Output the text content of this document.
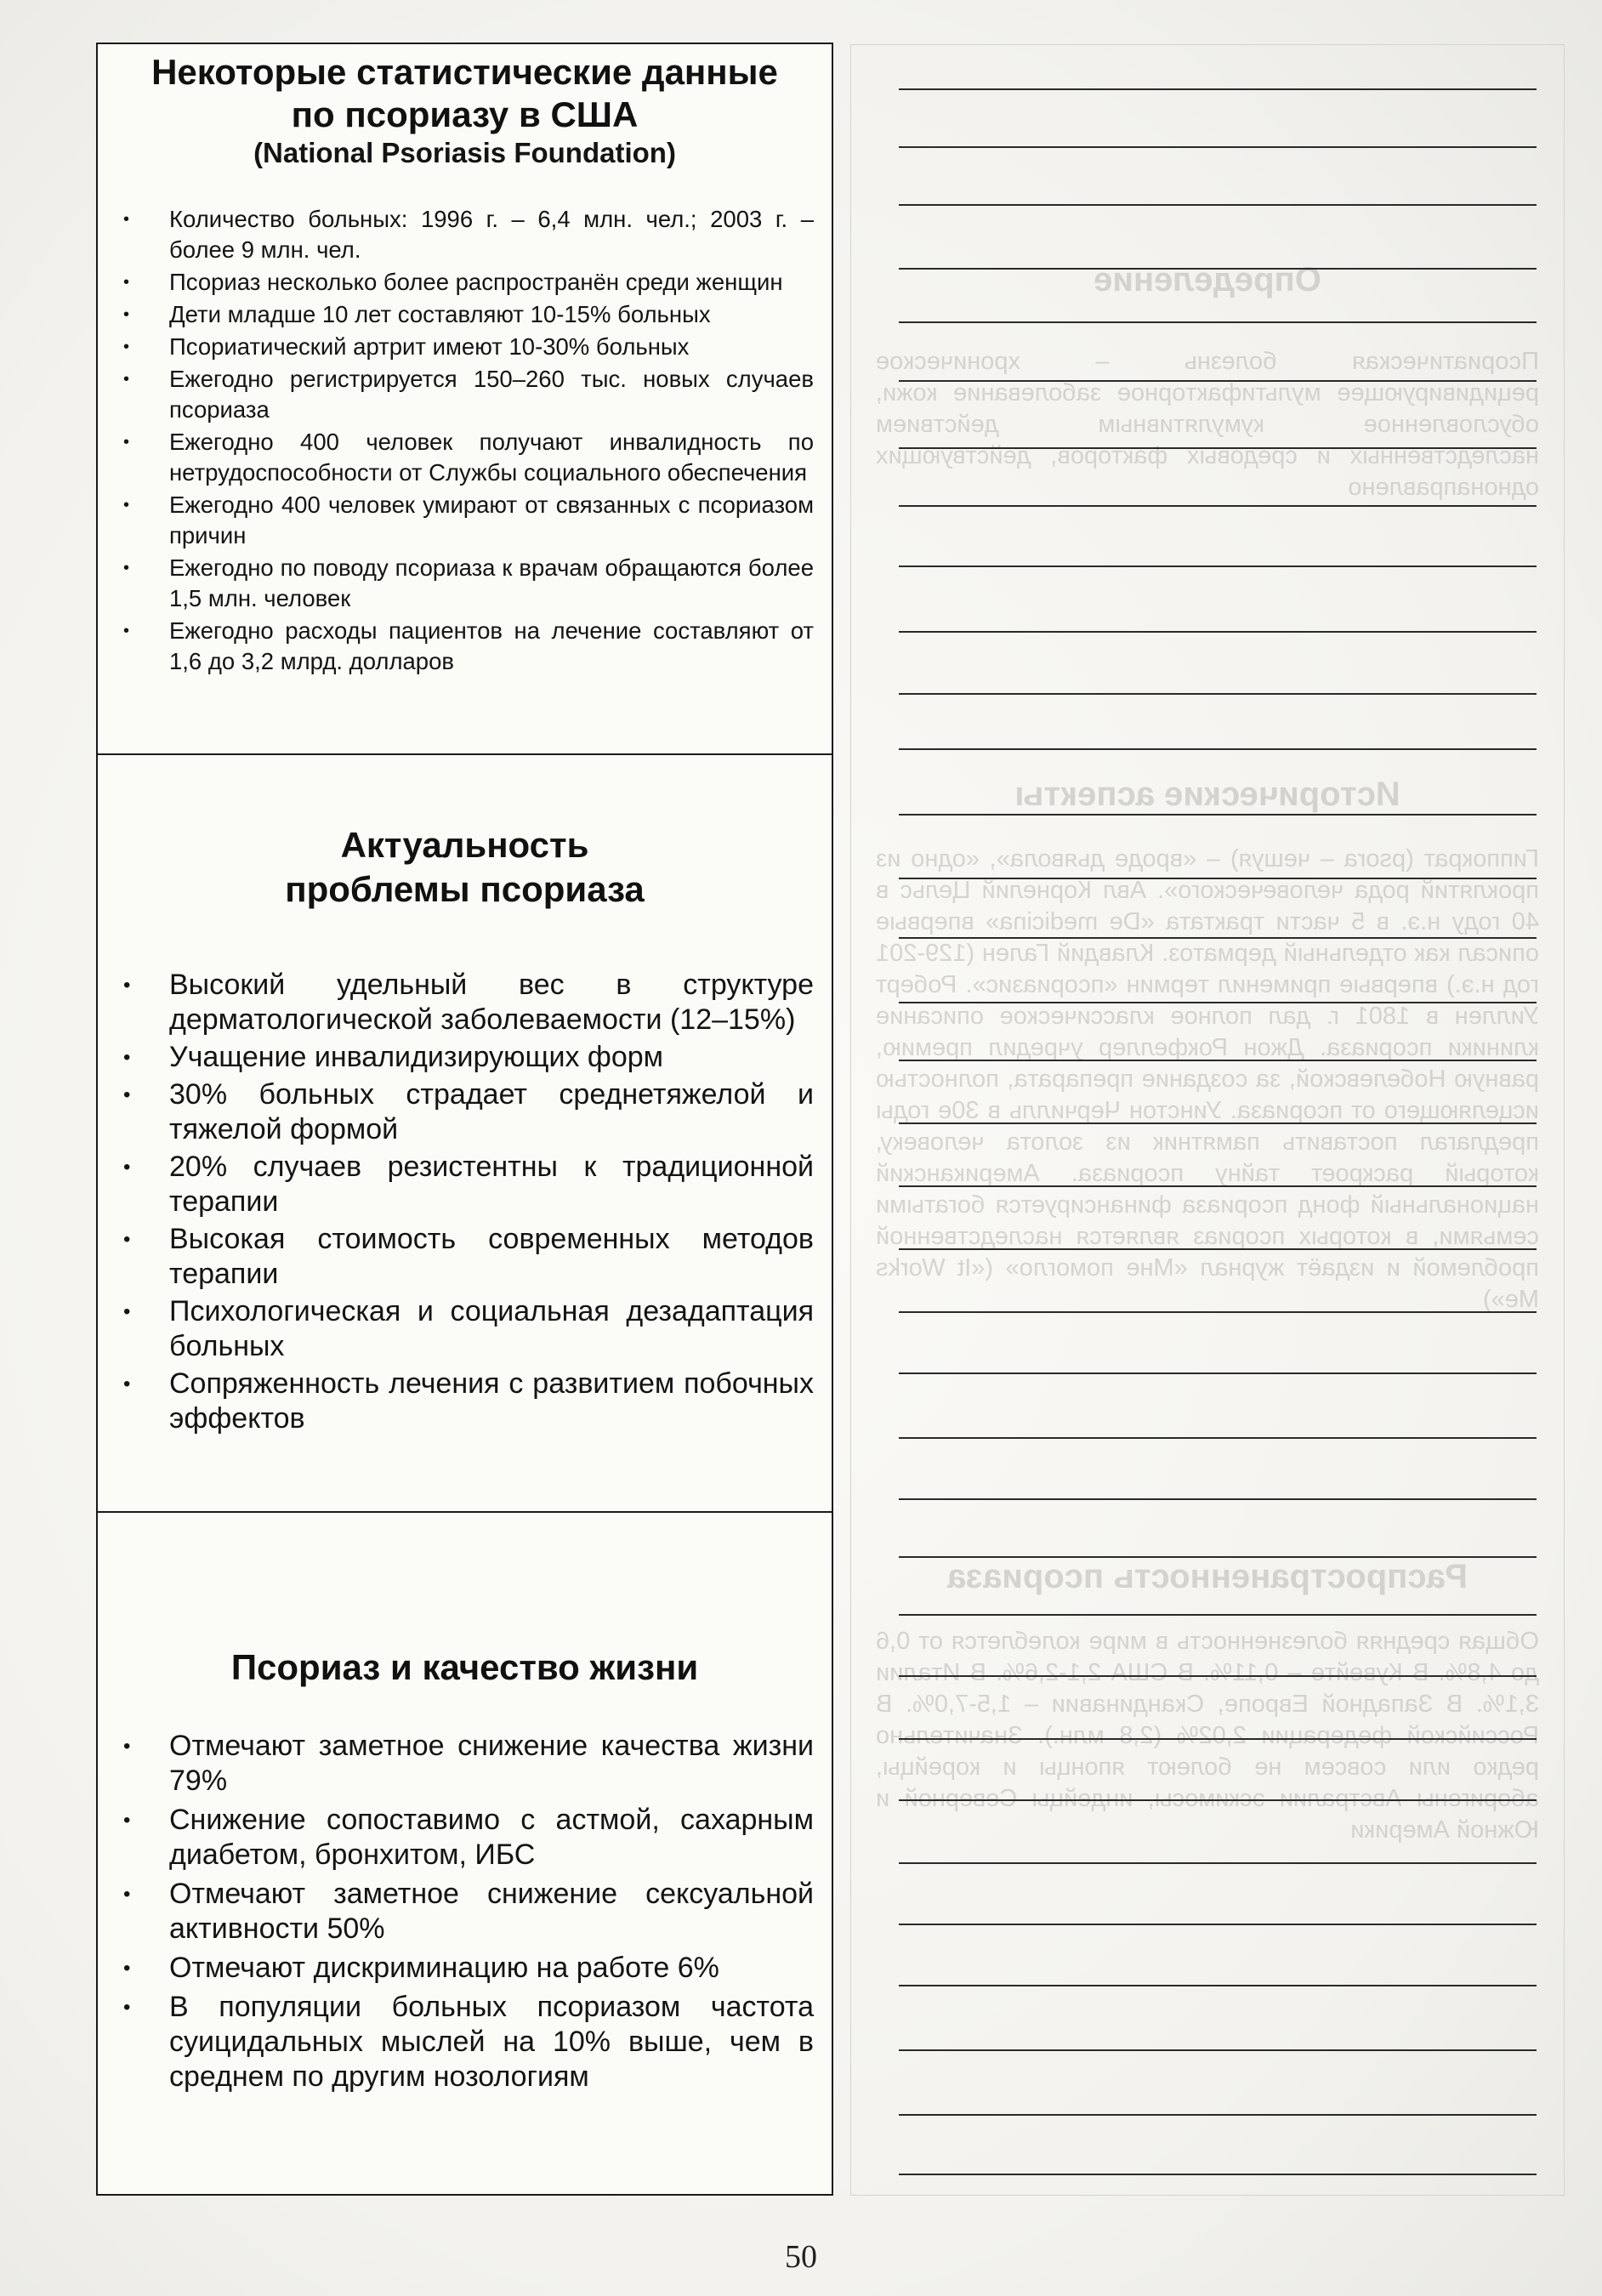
Определение
Псориатическая болезнь – хроническое рецидивирующее мультифакторное заболевание кожи, обусловленное кумулятивным действием наследственных и средовых факторов, действующих однонаправлено
Исторические аспекты
Гиппократ (psora – чешуя) – «вроде дьявола», «одно из проклятий рода человеческого». Авл Корнелий Цельс в 40 году н.э. в 5 части трактата «De medicina» впервые описал как отдельный дерматоз. Клавдий Гален (129-201 год н.э.) впервые применил термин «псориазис». Роберт Уиллен в 1801 г. дал полное классическое описание клиники псориаза. Джон Рокфеллер учредил премию, равную Нобелевской, за создание препарата, полностью исцеляющего от псориаза. Уинстон Черчилль в 30е годы предлагал поставить памятник из золота человеку, который раскроет тайну псориаза. Американский национальный фонд псориаза финансируется богатыми семьями, в которых псориаз является наследственной проблемой и издаёт журнал «Мне помогло» («It Works Me»)
Распространенность псориаза
Общая средняя болезненность в мире колеблется от 0,6 до 4,8%. В Кувейте – 0,11%. В США 2,1-2,6%. В Италии 3,1%. В Западной Европе, Скандинавии – 1,5-7,0%. В Российской федерации 2,02% (2,8 млн.). Значительно редко или совсем не болеют японцы и корейцы, аборигены Австралии эскимосы, индейцы Северной и Южной Америки
Некоторые статистические данные
по псориазу в США
(National Psoriasis Foundation)
• Количество больных: 1996 г. – 6,4 млн. чел.; 2003 г. – более 9 млн. чел.
• Псориаз несколько более распространён среди женщин
• Дети младше 10 лет составляют 10-15% больных
• Псориатический артрит имеют 10-30% больных
• Ежегодно регистрируется 150–260 тыс. новых случаев псориаза
• Ежегодно 400 человек получают инвалидность по нетрудоспособности от Службы социального обеспечения
• Ежегодно 400 человек умирают от связанных с псориазом причин
• Ежегодно по поводу псориаза к врачам обращаются более 1,5 млн. человек
• Ежегодно расходы пациентов на лечение составляют от 1,6 до 3,2 млрд. долларов
Актуальность
проблемы псориаза
• Высокий удельный вес в структуре дерматологической заболеваемости (12–15%)
• Учащение инвалидизирующих форм
• 30% больных страдает среднетяжелой и тяжелой формой
• 20% случаев резистентны к традиционной терапии
• Высокая стоимость современных методов терапии
• Психологическая и социальная дезадаптация больных
• Сопряженность лечения с развитием побочных эффектов
Псориаз и качество жизни
• Отмечают заметное снижение качества жизни 79%
• Снижение сопоставимо с астмой, сахарным диабетом, бронхитом, ИБС
• Отмечают заметное снижение сексуальной активности 50%
• Отмечают дискриминацию на работе 6%
• В популяции больных псориазом частота суицидальных мыслей на 10% выше, чем в среднем по другим нозологиям
50
